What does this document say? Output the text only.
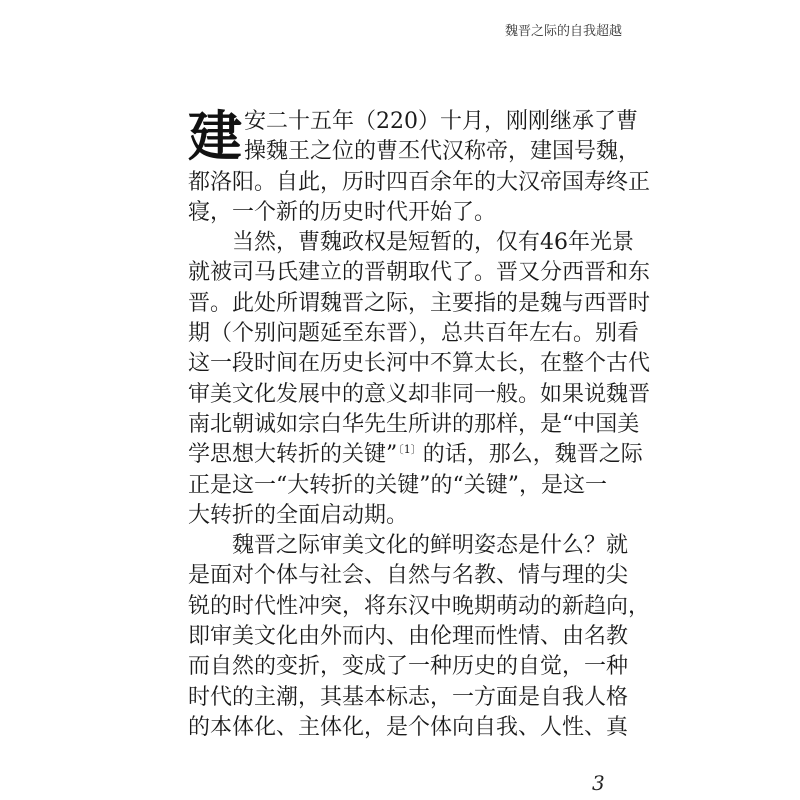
魏晋之际的自我超越
建 安二十五年（220）十月，刚刚继承了曹
操魏王之位的曹丕代汉称帝，建国号魏，
都洛阳。自此，历时四百余年的大汉帝国寿终正
寝，一个新的历史时代开始了。
当然，曹魏政权是短暂的，仅有46年光景
就被司马氏建立的晋朝取代了。晋又分西晋和东
晋。此处所谓魏晋之际，主要指的是魏与西晋时
期（个别问题延至东晋），总共百年左右。别看
这一段时间在历史长河中不算太长，在整个古代
审美文化发展中的意义却非同一般。如果说魏晋
南北朝诚如宗白华先生所讲的那样，是“中国美
学思想大转折的关键”$^{〔1〕}$的话，那么，魏晋之际
正是这一“大转折的关键”的“关键”，是这一
大转折的全面启动期。
魏晋之际审美文化的鲜明姿态是什么？就
是面对个体与社会、自然与名教、情与理的尖
锐的时代性冲突，将东汉中晚期萌动的新趋向，
即审美文化由外而内、由伦理而性情、由名教
而自然的变折，变成了一种历史的自觉，一种
时代的主潮，其基本标志，一方面是自我人格
的本体化、主体化，是个体向自我、人性、真
3
